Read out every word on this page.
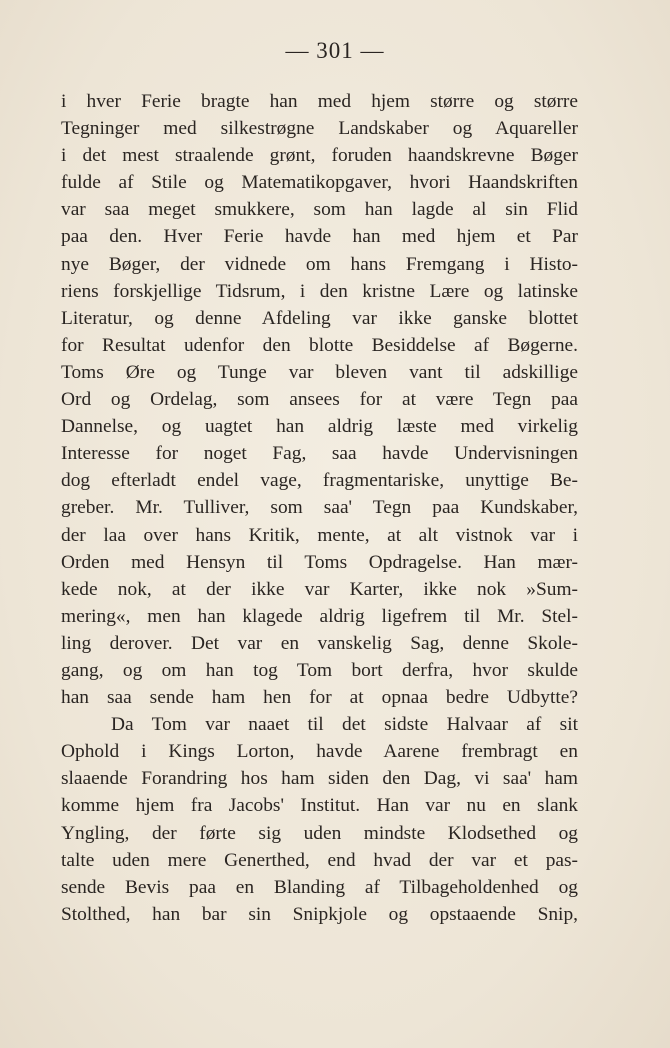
— 301 —
i hver Ferie bragte han med hjem større og større
Tegninger med silkestrøgne Landskaber og Aquareller
i det mest straalende grønt, foruden haandskrevne Bøger
fulde af Stile og Matematikopgaver, hvori Haandskriften
var saa meget smukkere, som han lagde al sin Flid
paa den. Hver Ferie havde han med hjem et Par
nye Bøger, der vidnede om hans Fremgang i Histo-
riens forskjellige Tidsrum, i den kristne Lære og latinske
Literatur, og denne Afdeling var ikke ganske blottet
for Resultat udenfor den blotte Besiddelse af Bøgerne.
Toms Øre og Tunge var bleven vant til adskillige
Ord og Ordelag, som ansees for at være Tegn paa
Dannelse, og uagtet han aldrig læste med virkelig
Interesse for noget Fag, saa havde Undervisningen
dog efterladt endel vage, fragmentariske, unyttige Be-
greber. Mr. Tulliver, som saa' Tegn paa Kundskaber,
der laa over hans Kritik, mente, at alt vistnok var i
Orden med Hensyn til Toms Opdragelse. Han mær-
kede nok, at der ikke var Karter, ikke nok »Sum-
mering«, men han klagede aldrig ligefrem til Mr. Stel-
ling derover. Det var en vanskelig Sag, denne Skole-
gang, og om han tog Tom bort derfra, hvor skulde
han saa sende ham hen for at opnaa bedre Udbytte?
Da Tom var naaet til det sidste Halvaar af sit
Ophold i Kings Lorton, havde Aarene frembragt en
slaaende Forandring hos ham siden den Dag, vi saa' ham
komme hjem fra Jacobs' Institut. Han var nu en slank
Yngling, der førte sig uden mindste Klodsethed og
talte uden mere Generthed, end hvad der var et pas-
sende Bevis paa en Blanding af Tilbageholdenhed og
Stolthed, han bar sin Snipkjole og opstaaende Snip,
